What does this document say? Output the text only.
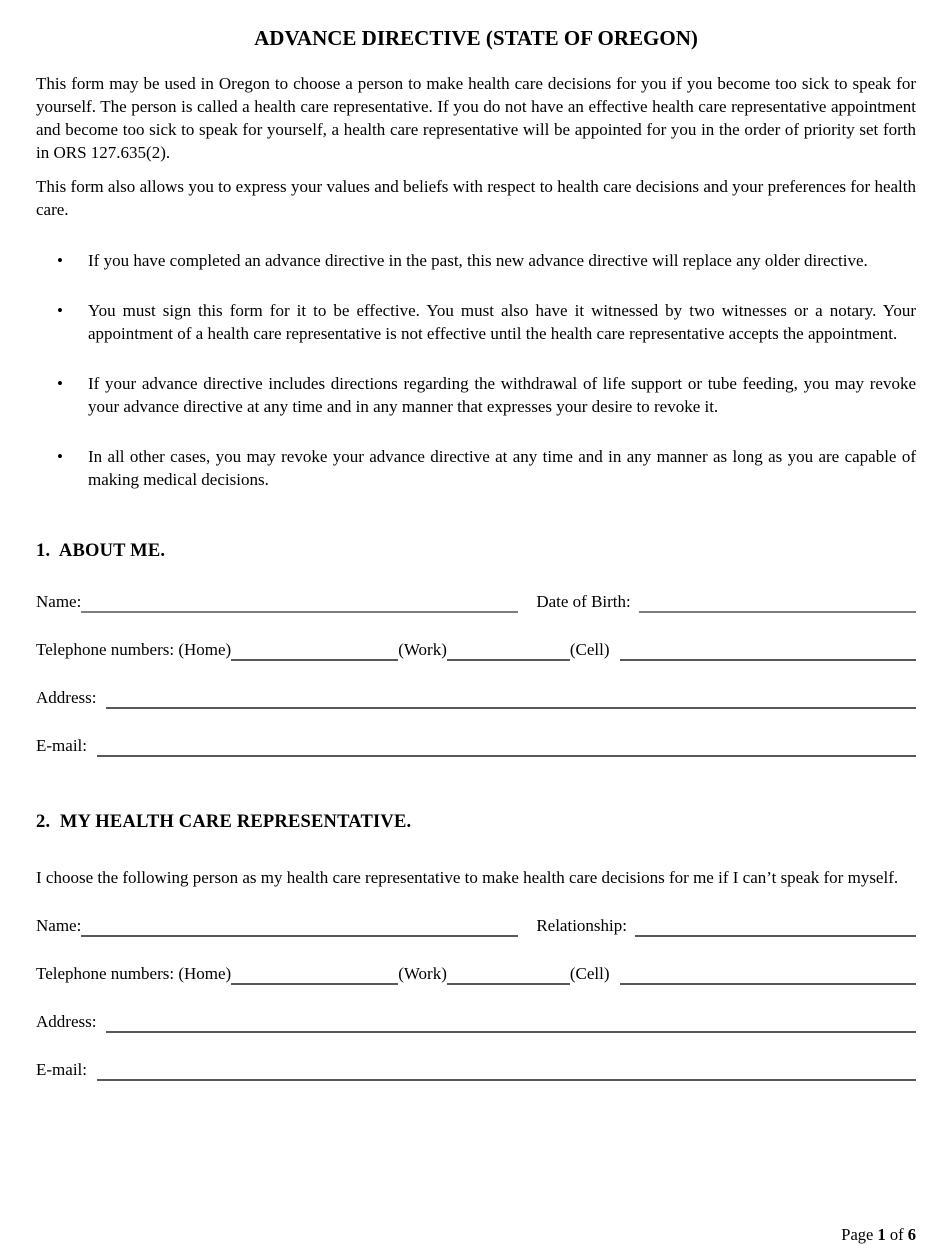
ADVANCE DIRECTIVE (STATE OF OREGON)

This form may be used in Oregon to choose a person to make health care decisions for you if you become too sick to speak for yourself. The person is called a health care representative. If you do not have an effective health care representative appointment and become too sick to speak for yourself, a health care representative will be appointed for you in the order of priority set forth in ORS 127.635(2).

This form also allows you to express your values and beliefs with respect to health care decisions and your preferences for health care.

• If you have completed an advance directive in the past, this new advance directive will replace any older directive.
• You must sign this form for it to be effective. You must also have it witnessed by two witnesses or a notary. Your appointment of a health care representative is not effective until the health care representative accepts the appointment.
• If your advance directive includes directions regarding the withdrawal of life support or tube feeding, you may revoke your advance directive at any time and in any manner that expresses your desire to revoke it.
• In all other cases, you may revoke your advance directive at any time and in any manner as long as you are capable of making medical decisions.
1.  ABOUT ME.
Name:	Date of Birth:
Telephone numbers: (Home)	(Work)	(Cell)
Address:
E-mail:
2.  MY HEALTH CARE REPRESENTATIVE.

I choose the following person as my health care representative to make health care decisions for me if I can’t speak for myself.

Name:	Relationship:
Telephone numbers: (Home)	(Work)	(Cell)
Address:
E-mail:
Page 1 of 6
